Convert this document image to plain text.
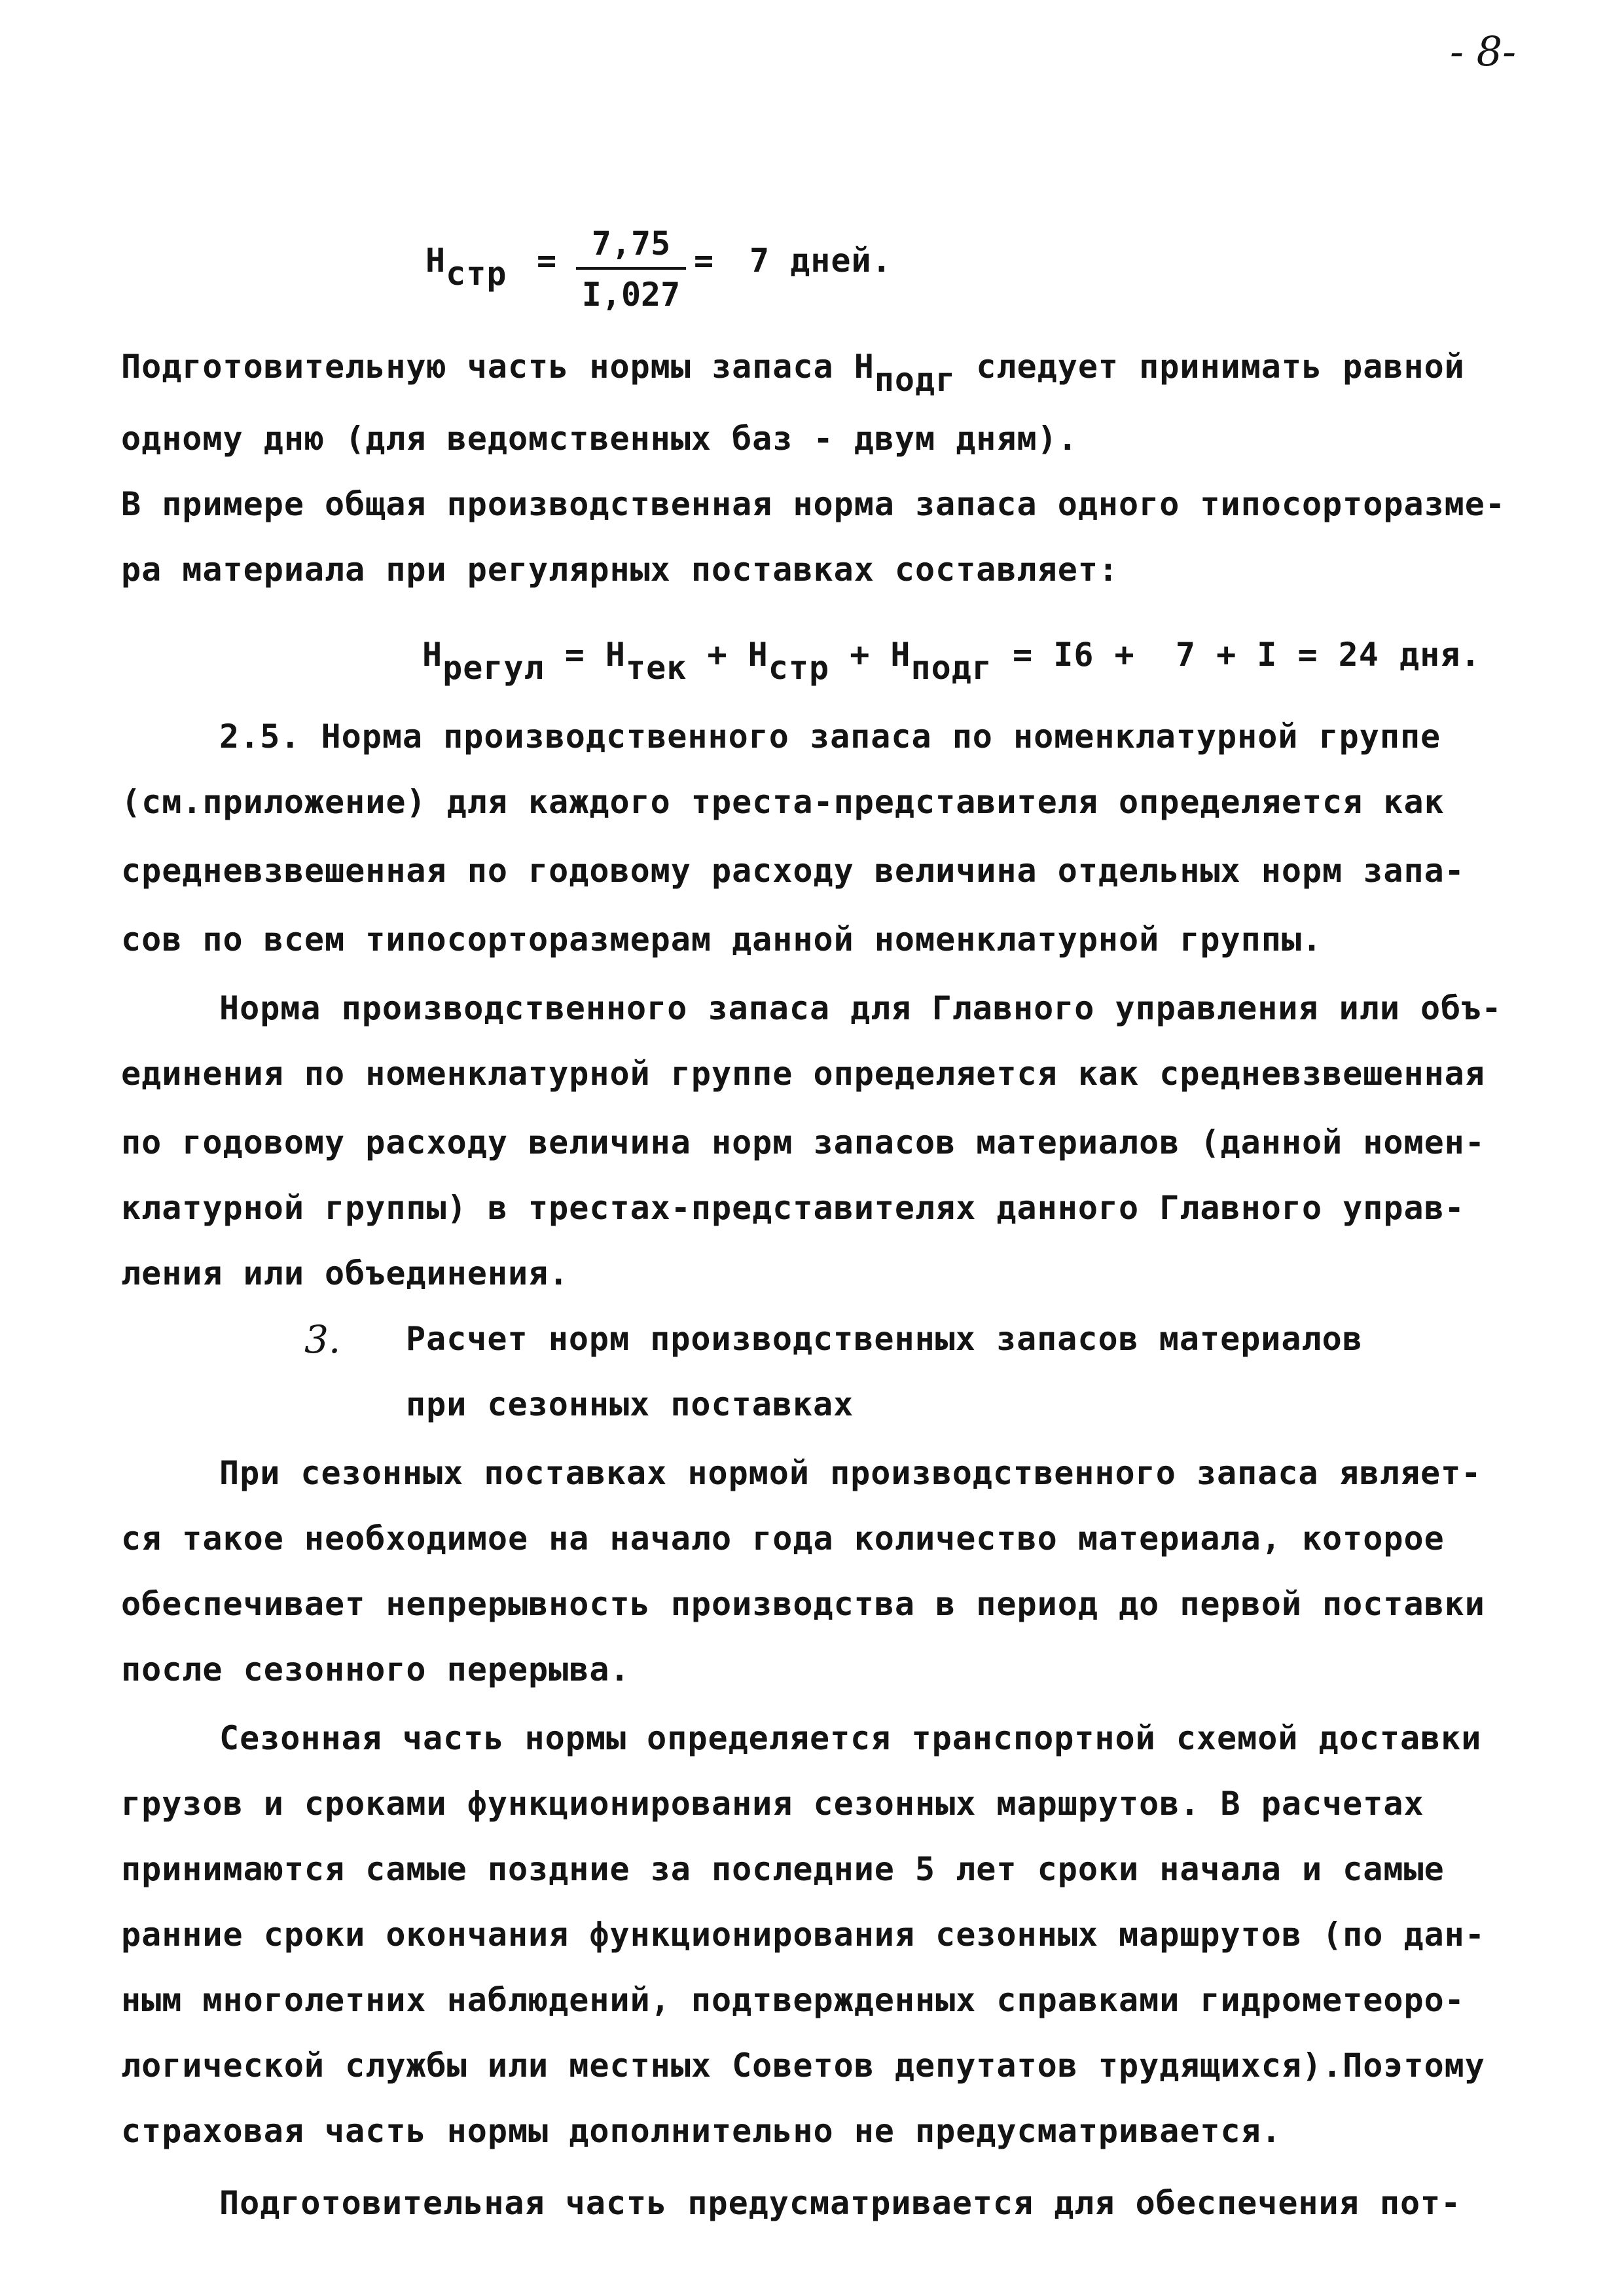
- 8-
Нстр =	7,75
I,027
= 7 дней.
Подготовительную часть нормы запаса Нподг следует принимать равной
одному дню (для ведомственных баз - двум дням).
В примере общая производственная норма запаса одного типосорторазме-
ра материала при регулярных поставках составляет:
Нрегул = Нтек + Нстр + Нподг = I6 +  7 + I = 24 дня.
2.5. Норма производственного запаса по номенклатурной группе
(см.приложение) для каждого треста-представителя определяется как
средневзвешенная по годовому расходу величина отдельных норм запа-
сов по всем типосорторазмерам данной номенклатурной группы.
Норма производственного запаса для Главного управления или объ-
единения по номенклатурной группе определяется как средневзвешенная
по годовому расходу величина норм запасов материалов (данной номен-
клатурной группы) в трестах-представителях данного Главного управ-
ления или объединения.
3. Расчет норм производственных запасов материалов
при сезонных поставках
При сезонных поставках нормой производственного запаса являет-
ся такое необходимое на начало года количество материала, которое
обеспечивает непрерывность производства в период до первой поставки
после сезонного перерыва.
Сезонная часть нормы определяется транспортной схемой доставки
грузов и сроками функционирования сезонных маршрутов. В расчетах
принимаются самые поздние за последние 5 лет сроки начала и самые
ранние сроки окончания функционирования сезонных маршрутов (по дан-
ным многолетних наблюдений, подтвержденных справками гидрометеоро-
логической службы или местных Советов депутатов трудящихся).Поэтому
страховая часть нормы дополнительно не предусматривается.
Подготовительная часть предусматривается для обеспечения пот-
